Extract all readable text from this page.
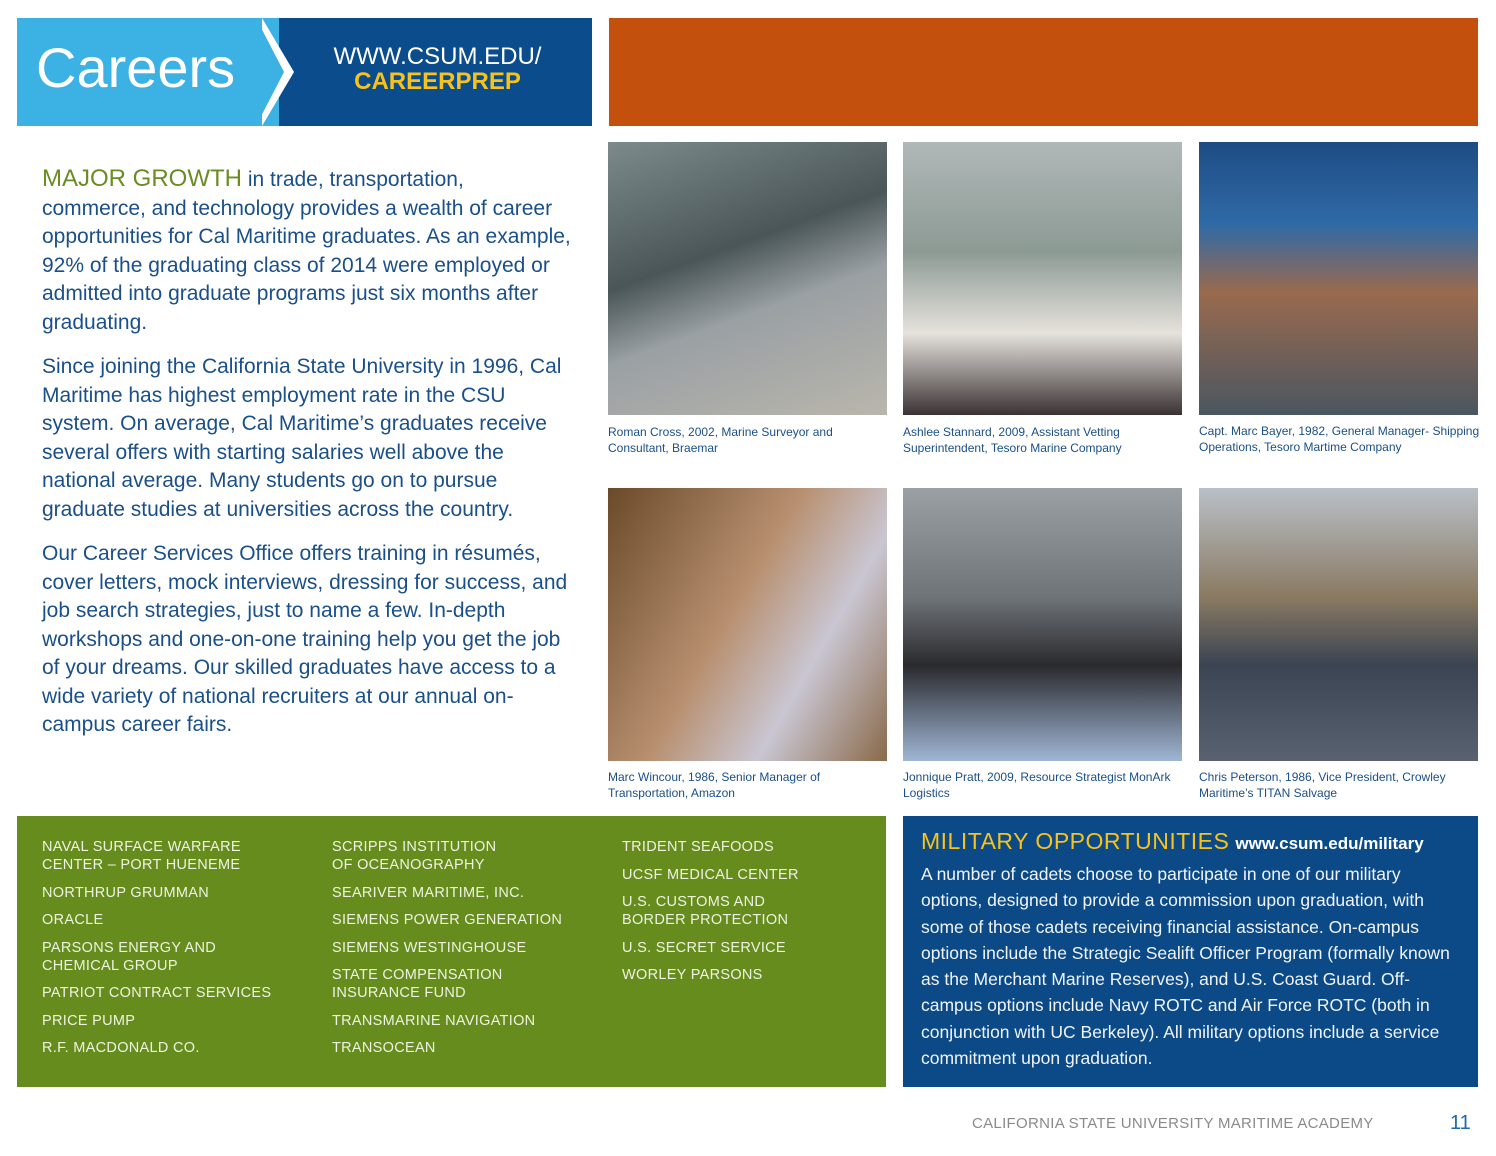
Careers	WWW.CSUM.EDU/
CAREERPREP

MAJOR GROWTH in trade, transportation, commerce, and technology provides a wealth of career opportunities for Cal Maritime graduates. As an example, 92% of the graduating class of 2014 were employed or admitted into graduate programs just six months after graduating.

Since joining the California State University in 1996, Cal Maritime has highest employment rate in the CSU system. On average, Cal Maritime’s graduates receive several offers with starting salaries well above the national average. Many students go on to pursue graduate studies at universities across the country.

Our Career Services Office offers training in résumés, cover letters, mock interviews, dressing for success, and job search strategies, just to name a few. In-depth workshops and one-on-one training help you get the job of your dreams. Our skilled graduates have access to a wide variety of national recruiters at our annual on-campus career fairs.

Roman Cross, 2002, Marine Surveyor and Consultant, Braemar
Ashlee Stannard, 2009, Assistant Vetting Superintendent, Tesoro Marine Company
Capt. Marc Bayer, 1982, General Manager- Shipping Operations, Tesoro Martime Company
Marc Wincour, 1986, Senior Manager of Transportation, Amazon
Jonnique Pratt, 2009, Resource Strategist MonArk Logistics
Chris Peterson, 1986, Vice President, Crowley Maritime’s TITAN Salvage
NAVAL SURFACE WARFARE CENTER – PORT HUENEME
NORTHRUP GRUMMAN
ORACLE
PARSONS ENERGY AND CHEMICAL GROUP
PATRIOT CONTRACT SERVICES
PRICE PUMP
R.F. MACDONALD CO.
SCRIPPS INSTITUTION OF OCEANOGRAPHY
SEARIVER MARITIME, INC.
SIEMENS POWER GENERATION
SIEMENS WESTINGHOUSE
STATE COMPENSATION INSURANCE FUND
TRANSMARINE NAVIGATION
TRANSOCEAN
TRIDENT SEAFOODS
UCSF MEDICAL CENTER
U.S. CUSTOMS AND BORDER PROTECTION
U.S. SECRET SERVICE
WORLEY PARSONS
MILITARY OPPORTUNITIES www.csum.edu/military
A number of cadets choose to participate in one of our military options, designed to provide a commission upon graduation, with some of those cadets receiving financial assistance. On-campus options include the Strategic Sealift Officer Program (formally known as the Merchant Marine Reserves), and U.S. Coast Guard. Off-campus options include Navy ROTC and Air Force ROTC (both in conjunction with UC Berkeley). All military options include a service commitment upon graduation.
CALIFORNIA STATE UNIVERSITY MARITIME ACADEMY	11
